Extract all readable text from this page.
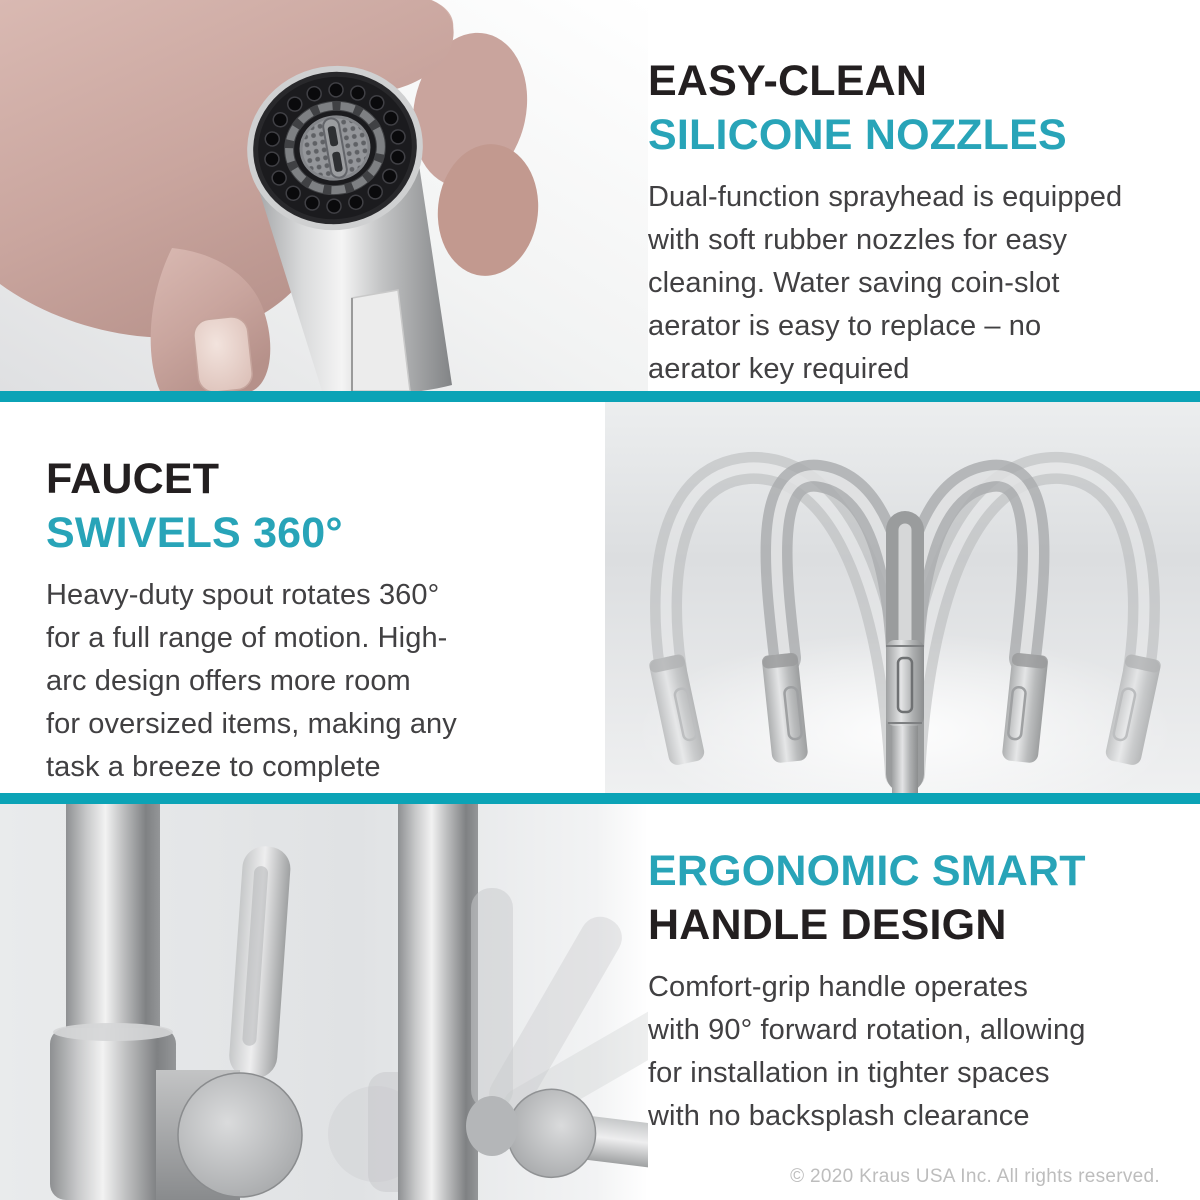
EASY-CLEAN
SILICONE NOZZLES
Dual-function sprayhead is equipped
with soft rubber nozzles for easy
cleaning. Water saving coin-slot
aerator is easy to replace – no
aerator key required
FAUCET
SWIVELS 360°
Heavy-duty spout rotates 360°
for a full range of motion. High-
arc design offers more room
for oversized items, making any
task a breeze to complete
ERGONOMIC SMART
HANDLE DESIGN
Comfort-grip handle operates
with 90° forward rotation, allowing
for installation in tighter spaces
with no backsplash clearance
© 2020 Kraus USA Inc. All rights reserved.
